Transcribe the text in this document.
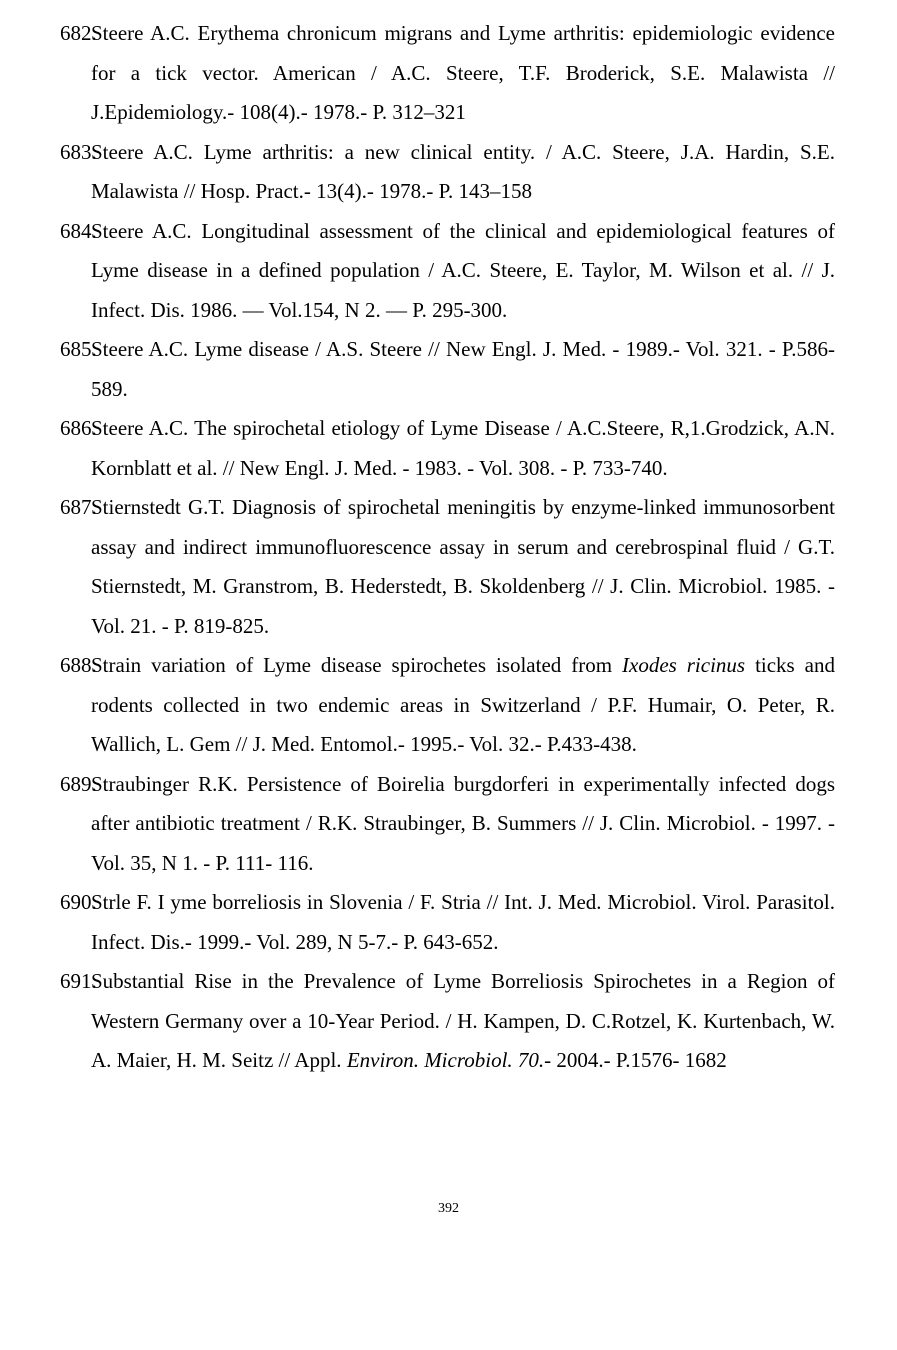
682.
Steere A.C. Erythema chronicum migrans and Lyme arthritis: epidemiologic evidence for a tick vector. American / A.C. Steere, T.F. Broderick, S.E. Malawista // J.Epidemiology.- 108(4).- 1978.- P. 312–321
683.
Steere A.C. Lyme arthritis: a new clinical entity. / A.C. Steere, J.A. Hardin, S.E. Malawista // Hosp. Pract.- 13(4).- 1978.- P. 143–158
684.
Steere A.C. Longitudinal assessment of the clinical and epidemiological features of Lyme disease in a defined population / A.C. Steere, E. Taylor, M. Wilson et al. // J. Infect. Dis. 1986. — Vol.154, N 2. — P. 295-300.
685.
Steere A.C. Lyme disease / A.S. Steere // New Engl. J. Med. - 1989.- Vol. 321. - P.586-589.
686.
Steere A.C. The spirochetal etiology of Lyme Disease / A.C.Steere, R,1.Grodzick, A.N. Kornblatt et al. // New Engl. J. Med. - 1983. - Vol. 308. - P. 733-740.
687.
Stiernstedt G.T. Diagnosis of spirochetal meningitis by enzyme-linked immunosorbent assay and indirect immunofluorescence assay in serum and cerebrospinal fluid / G.T. Stiernstedt, M. Granstrom, B. Hederstedt, B. Skoldenberg // J. Clin. Microbiol. 1985. - Vol. 21. - P. 819-825.
688.
Strain variation of Lyme disease spirochetes isolated from Ixodes ricinus ticks and rodents collected in two endemic areas in Switzerland / P.F. Humair, O. Peter, R. Wallich, L. Gem // J. Med. Entomol.- 1995.- Vol. 32.- P.433-438.
689.
Straubinger R.K. Persistence of Boirelia burgdorferi in experimentally infected dogs after antibiotic treatment / R.K. Straubinger, B. Summers // J. Clin. Microbiol. - 1997. - Vol. 35, N 1. - P. 111- 116.
690.
Strle F. I yme borreliosis in Slovenia / F. Stria // Int. J. Med. Microbiol. Virol. Parasitol. Infect. Dis.- 1999.- Vol. 289, N 5-7.- P. 643-652.
691.
Substantial Rise in the Prevalence of Lyme Borreliosis Spirochetes in a Region of Western Germany over a 10-Year Period. / H. Kampen, D. C.Rotzel, K. Kurtenbach, W. A. Maier, H. M. Seitz // Appl. Environ. Microbiol. 70.- 2004.- P.1576- 1682
392
